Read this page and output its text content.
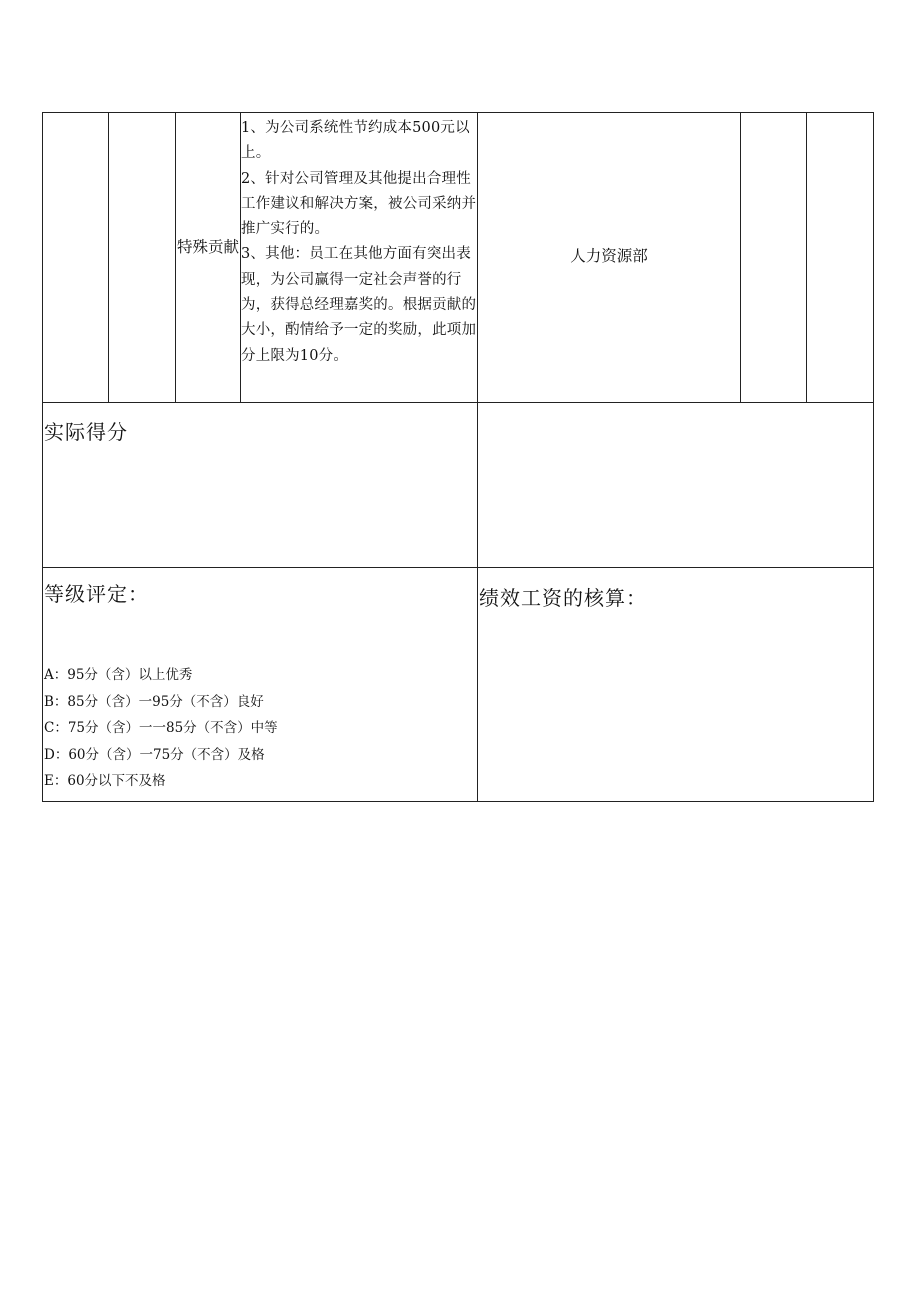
特殊贡献
1、为公司系统性节约成本500元以上。
2、针对公司管理及其他提出合理性工作建议和解决方案，被公司采纳并推广实行的。
3、其他：员工在其他方面有突出表现，为公司赢得一定社会声誉的行为，获得总经理嘉奖的。根据贡献的大小，酌情给予一定的奖励，此项加分上限为10分。
人力资源部
实际得分
等级评定：	绩效工资的核算：
A：95分（含）以上优秀
B：85分（含）一95分（不含）良好
C：75分（含）一一85分（不含）中等
D：60分（含）一75分（不含）及格
E：60分以下不及格
